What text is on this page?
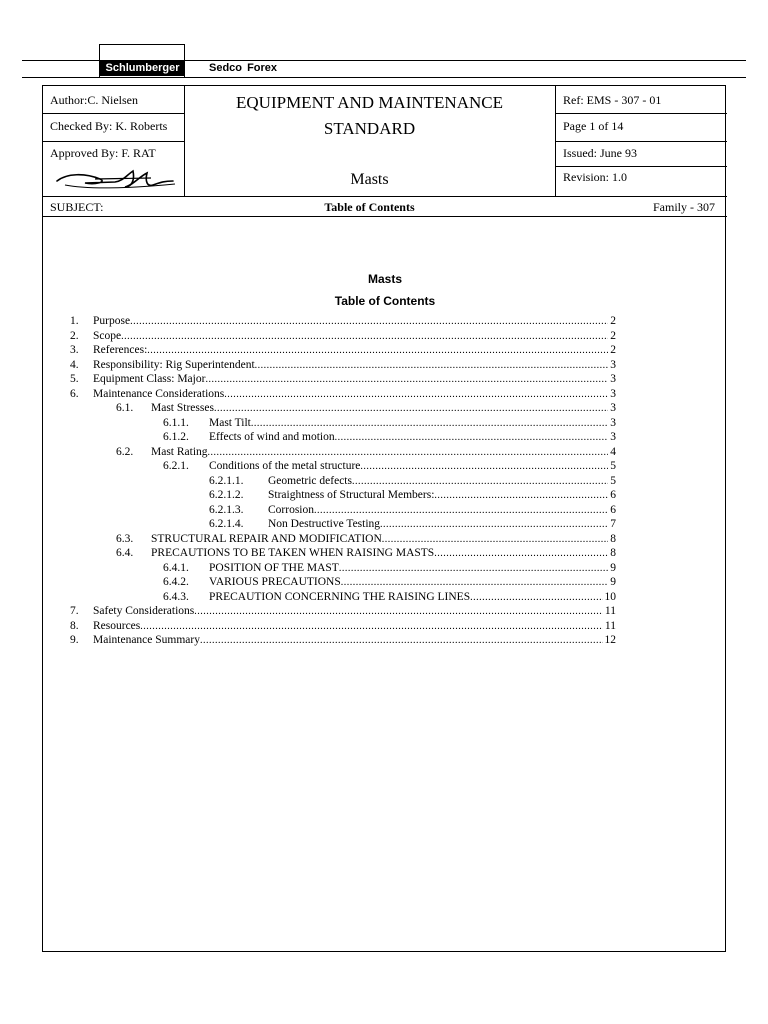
Schlumberger	Sedco Forex
Author:C. Nielsen
Checked By: K. Roberts
Approved By: F. RAT
EQUIPMENT AND MAINTENANCE
STANDARD
Masts
Ref: EMS - 307 - 01
Page 1 of 14
Issued: June 93
Revision: 1.0
SUBJECT:	Table of Contents	Family - 307
Masts
Table of Contents
1.	Purpose .....	2
2.	Scope .....	2
3.	References: .....	2
4.	Responsibility: Rig Superintendent .....	3
5.	Equipment Class: Major .....	3
6.	Maintenance Considerations .....	3
6.1.	Mast Stresses .....	3
6.1.1.	Mast Tilt .....	3
6.1.2.	Effects of wind and motion .....	3
6.2.	Mast Rating .....	4
6.2.1.	Conditions of the metal structure .....	5
6.2.1.1.	Geometric defects .....	5
6.2.1.2.	Straightness of Structural Members: .....	6
6.2.1.3.	Corrosion .....	6
6.2.1.4.	Non Destructive Testing .....	7
6.3.	STRUCTURAL REPAIR AND MODIFICATION .....	8
6.4.	PRECAUTIONS TO BE TAKEN WHEN RAISING MASTS .....	8
6.4.1.	POSITION OF THE MAST .....	9
6.4.2.	VARIOUS PRECAUTIONS .....	9
6.4.3.	PRECAUTION CONCERNING THE RAISING LINES .....	10
7.	Safety Considerations .....	11
8.	Resources .....	11
9.	Maintenance Summary .....	12
